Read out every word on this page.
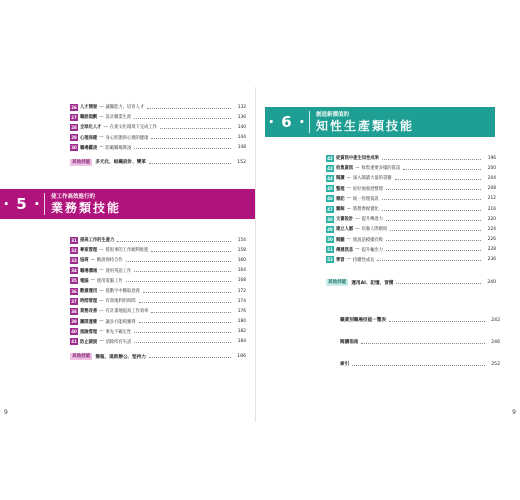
26 人才開發 — 讓團能力，培育人才	132
27 職涯規劃 — 設計職業生涯	136
28 全球化人才 — 在異文化環境下完成工作	140
29 心理保健 — 身心狀態與心理的健康	144
30 職場霸凌 — 防範職場欺凌	148
其他技能	多元化、組織設計、變革	152
· 5 ·	使工作高效進行的
業務類技能
31 提高工作的生產力	154
32 專案管理 — 將很事的工作順利推進	158
33 協商 — 勸說保持合作	160
34 職場溝通 — 使用英語工作	164
35 電腦 — 使用電腦工作	168
36 數據運用 — 從數字中獲取意義	172
37 時間管理 — 有效地利用時間	174
38 業務改善 — 有計畫地提高工作效率	176
39 團隊運營 — 讓多方能夠獲得	180
40 風險管理 — 事先不確定性	182
41 防止錯誤 — 消除所有失誤	184
其他技能	簡報、遠距辦公、堅持力	186
9
· 6 ·	創造新價值的
知性生產類技能
42 從資訊中產生知性成果	196
43 收集資訊 — 收集重要多樣的資訊	200
44 閱讀 — 深入閱讀大量的書籍	204
45 整理 — 好好地收拾整理	208
46 筆記 — 統一管理資訊	212
47 圖解 — 將想像視覺化	216
48 文書設計 — 提升傳達力	220
49 建立人脈 — 培養人際網絡	224
50 閱聽 — 使說話模樣有吸	226
51 傳遞訊息 — 提升輸出力	228
52 學習 — 持續性成長	236
其他技能	運用AI、記憶、習慣	240
職業別職場技能一覽表	242
閱讀指南	246
索引	252
9
